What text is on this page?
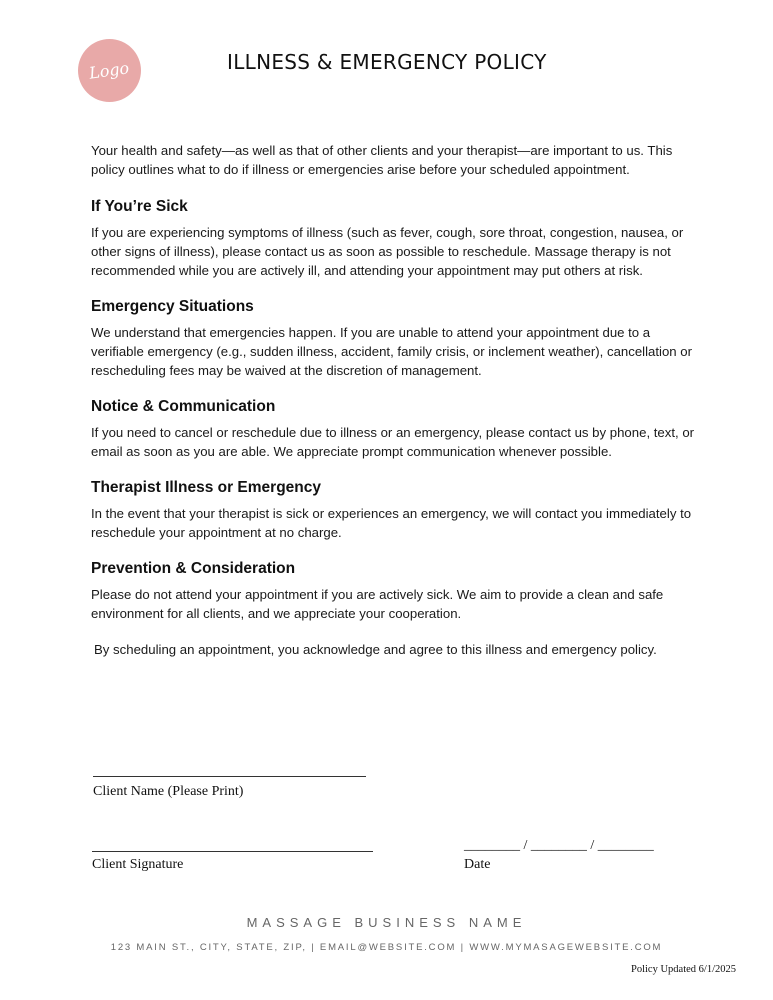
Logo	ILLNESS & EMERGENCY POLICY

Your health and safety—as well as that of other clients and your therapist—are important to us. This policy outlines what to do if illness or emergencies arise before your scheduled appointment.

If You’re Sick

If you are experiencing symptoms of illness (such as fever, cough, sore throat, congestion, nausea, or other signs of illness), please contact us as soon as possible to reschedule. Massage therapy is not recommended while you are actively ill, and attending your appointment may put others at risk.

Emergency Situations

We understand that emergencies happen. If you are unable to attend your appointment due to a verifiable emergency (e.g., sudden illness, accident, family crisis, or inclement weather), cancellation or rescheduling fees may be waived at the discretion of management.

Notice & Communication

If you need to cancel or reschedule due to illness or an emergency, please contact us by phone, text, or email as soon as you are able. We appreciate prompt communication whenever possible.

Therapist Illness or Emergency

In the event that your therapist is sick or experiences an emergency, we will contact you immediately to reschedule your appointment at no charge.

Prevention & Consideration

Please do not attend your appointment if you are actively sick. We aim to provide a clean and safe environment for all clients, and we appreciate your cooperation.

By scheduling an appointment, you acknowledge and agree to this illness and emergency policy.

Client Name (Please Print)
Client Signature
________ / ________ / ________
Date
MASSAGE BUSINESS NAME
123 MAIN ST., CITY, STATE, ZIP, | EMAIL@WEBSITE.COM | WWW.MYMASAGEWEBSITE.COM
Policy Updated 6/1/2025
